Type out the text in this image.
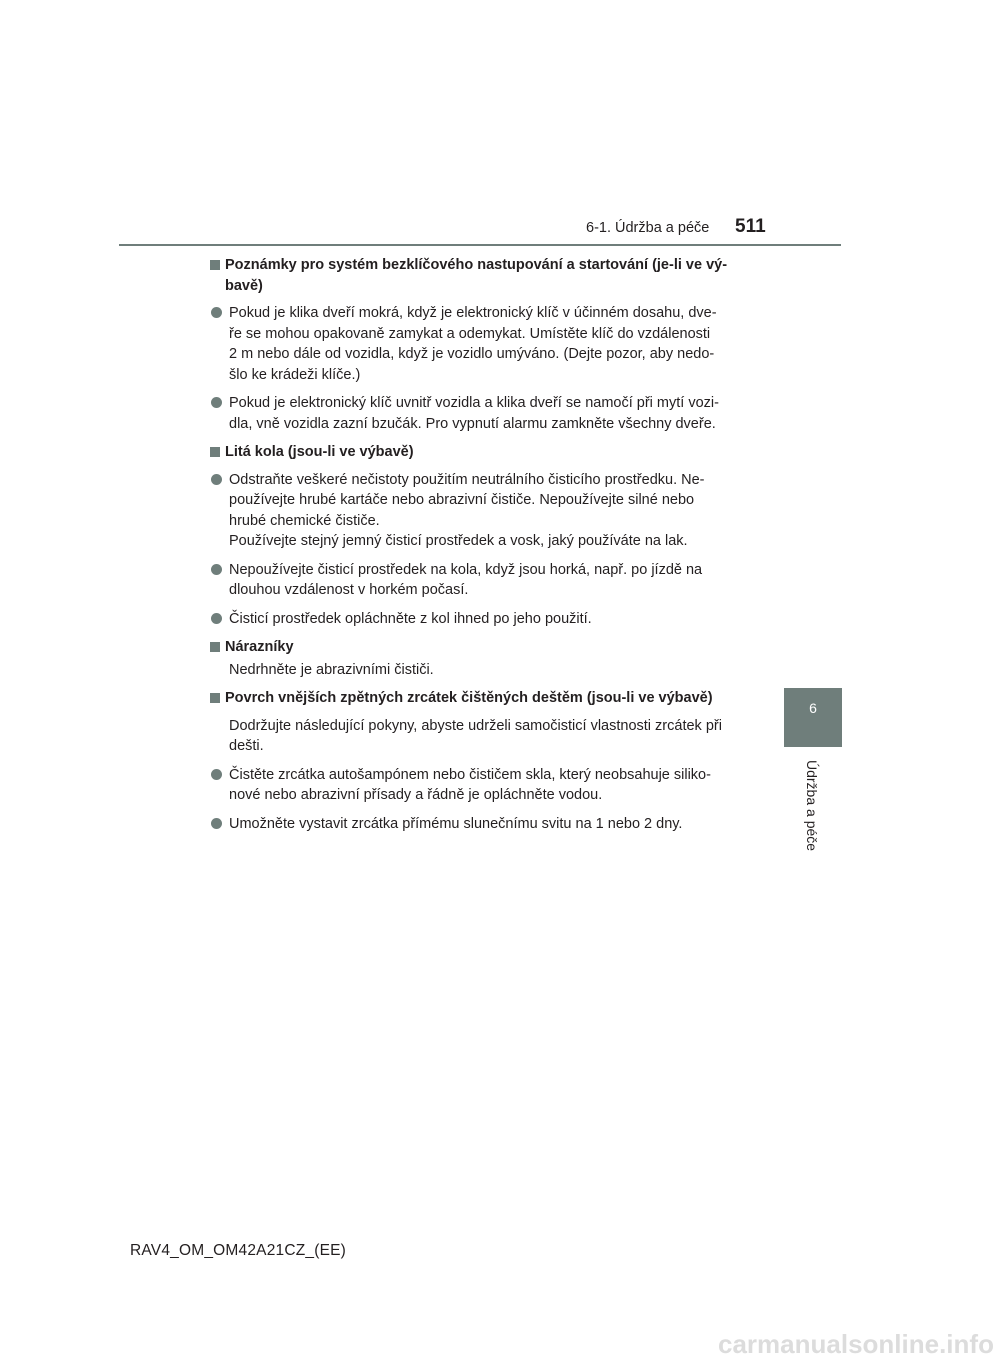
6-1. Údržba a péče 511
6
Údržba a péče
Poznámky pro systém bezklíčového nastupování a startování (je-li ve vý-
bavě)
Pokud je klika dveří mokrá, když je elektronický klíč v účinném dosahu, dve-
ře se mohou opakovaně zamykat a odemykat. Umístěte klíč do vzdálenosti
2 m nebo dále od vozidla, když je vozidlo umýváno. (Dejte pozor, aby nedo-
šlo ke krádeži klíče.)
Pokud je elektronický klíč uvnitř vozidla a klika dveří se namočí při mytí vozi-
dla, vně vozidla zazní bzučák. Pro vypnutí alarmu zamkněte všechny dveře.
Litá kola (jsou-li ve výbavě)
Odstraňte veškeré nečistoty použitím neutrálního čisticího prostředku. Ne-
používejte hrubé kartáče nebo abrazivní čističe. Nepoužívejte silné nebo
hrubé chemické čističe.
Používejte stejný jemný čisticí prostředek a vosk, jaký používáte na lak.
Nepoužívejte čisticí prostředek na kola, když jsou horká, např. po jízdě na
dlouhou vzdálenost v horkém počasí.
Čisticí prostředek opláchněte z kol ihned po jeho použití.
Nárazníky
Nedrhněte je abrazivními čističi.
Povrch vnějších zpětných zrcátek čištěných deštěm (jsou-li ve výbavě)
Dodržujte následující pokyny, abyste udrželi samočisticí vlastnosti zrcátek při
dešti.
Čistěte zrcátka autošampónem nebo čističem skla, který neobsahuje siliko-
nové nebo abrazivní přísady a řádně je opláchněte vodou.
Umožněte vystavit zrcátka přímému slunečnímu svitu na 1 nebo 2 dny.
RAV4_OM_OM42A21CZ_(EE)
carmanualsonline.info
